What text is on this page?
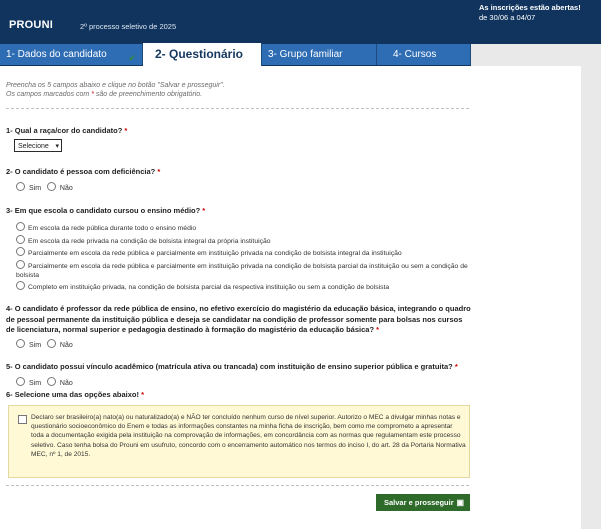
PROUNI	2º processo seletivo de 2025
As inscrições estão abertas!
de 30/06 a 04/07
1- Dados do candidato ✔	2- Questionário	3- Grupo familiar	4- Cursos
Preencha os 5 campos abaixo e clique no botão "Salvar e prosseguir".
Os campos marcados com * são de preenchimento obrigatório.
1- Qual a raça/cor do candidato? *
Selecione ▾
2- O candidato é pessoa com deficiência? *
Sim	Não
3- Em que escola o candidato cursou o ensino médio? *
Em escola da rede pública durante todo o ensino médio
Em escola da rede privada na condição de bolsista integral da própria instituição
Parcialmente em escola da rede pública e parcialmente em instituição privada na condição de bolsista integral da instituição
Parcialmente em escola da rede pública e parcialmente em instituição privada na condição de bolsista parcial da instituição ou sem a condição de bolsista
Completo em instituição privada, na condição de bolsista parcial da respectiva instituição ou sem a condição de bolsista
4- O candidato é professor da rede pública de ensino, no efetivo exercício do magistério da educação básica, integrando o quadro de pessoal permanente da instituição pública e deseja se candidatar na condição de professor somente para bolsas nos cursos de licenciatura, normal superior e pedagogia destinado à formação do magistério da educação básica? *
Sim	Não
5- O candidato possui vínculo acadêmico (matrícula ativa ou trancada) com instituição de ensino superior pública e gratuita? *
Sim	Não
6- Selecione uma das opções abaixo! *
Declaro ser brasileiro(a) nato(a) ou naturalizado(a) e NÃO ter concluído nenhum curso de nível superior. Autorizo o MEC a divulgar minhas notas e questionário socioeconômico do Enem e todas as informações constantes na minha ficha de inscrição, bem como me comprometo a apresentar toda a documentação exigida pela instituição na comprovação de informações, em concordância com as normas que regulamentam este processo seletivo. Caso tenha bolsa do Prouni em usufruto, concordo com o encerramento automático nos termos do inciso I, do art. 28 da Portaria Normativa MEC, nº 1, de 2015.
Salvar e prosseguir ▣
